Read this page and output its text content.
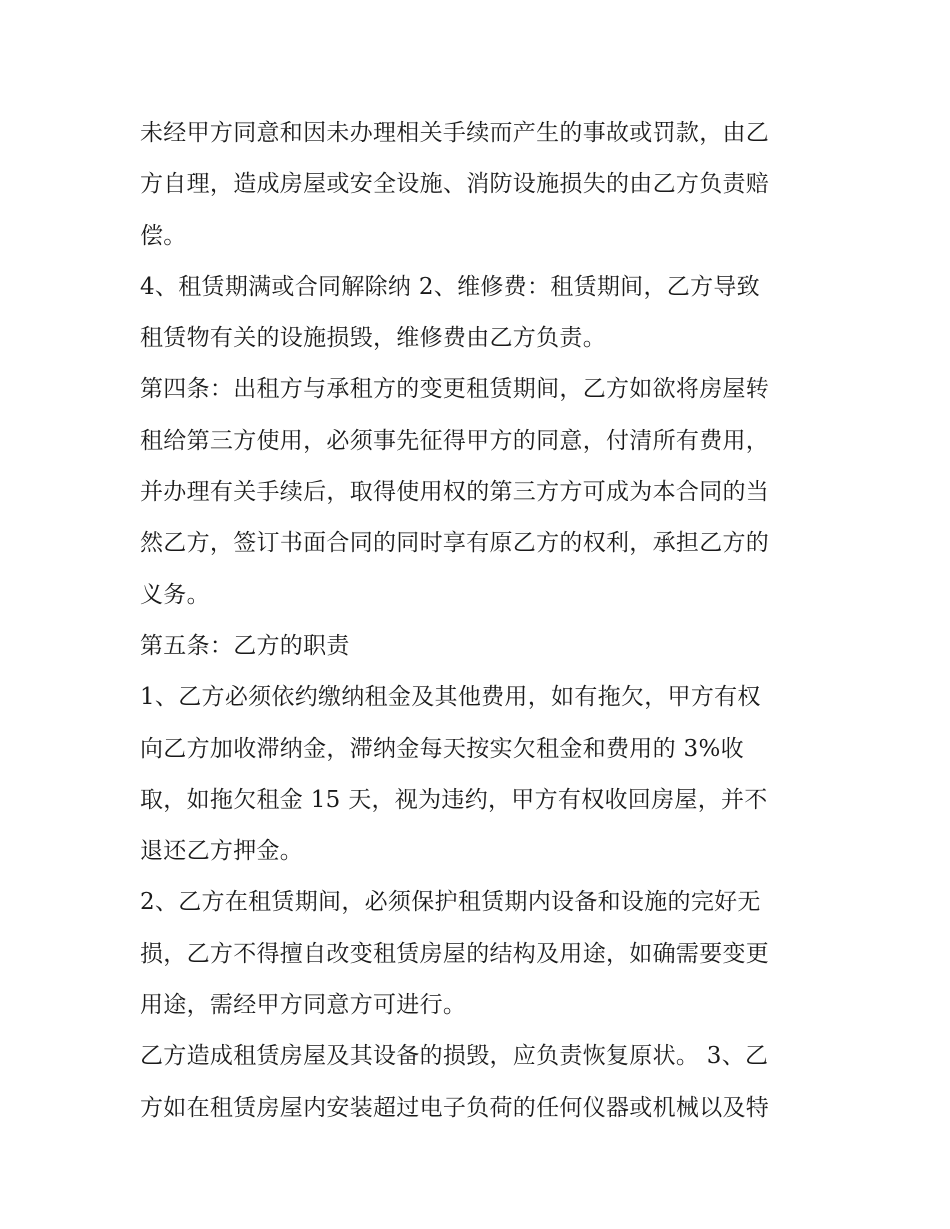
未经甲方同意和因未办理相关手续而产生的事故或罚款，由乙
方自理，造成房屋或安全设施、消防设施损失的由乙方负责赔
偿。
4、租赁期满或合同解除纳 2、维修费：租赁期间，乙方导致
租赁物有关的设施损毁，维修费由乙方负责。
第四条：出租方与承租方的变更租赁期间，乙方如欲将房屋转
租给第三方使用，必须事先征得甲方的同意，付清所有费用，
并办理有关手续后，取得使用权的第三方方可成为本合同的当
然乙方，签订书面合同的同时享有原乙方的权利，承担乙方的
义务。
第五条：乙方的职责
1、乙方必须依约缴纳租金及其他费用，如有拖欠，甲方有权
向乙方加收滞纳金，滞纳金每天按实欠租金和费用的 3%收
取，如拖欠租金 15 天，视为违约，甲方有权收回房屋，并不
退还乙方押金。
2、乙方在租赁期间，必须保护租赁期内设备和设施的完好无
损，乙方不得擅自改变租赁房屋的结构及用途，如确需要变更
用途，需经甲方同意方可进行。
乙方造成租赁房屋及其设备的损毁，应负责恢复原状。 3、乙
方如在租赁房屋内安装超过电子负荷的任何仪器或机械以及特
